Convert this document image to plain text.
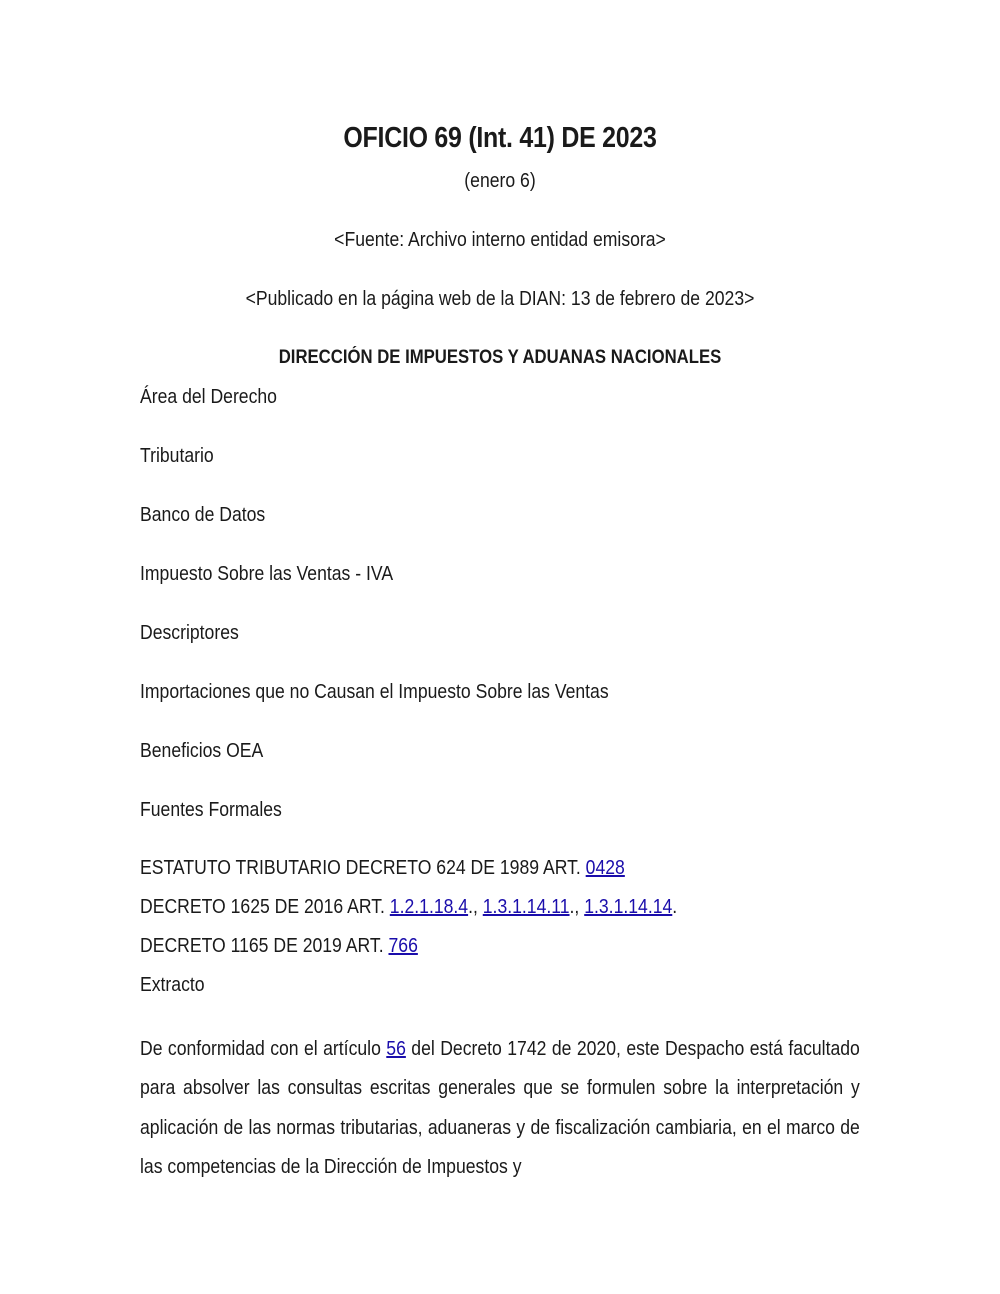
OFICIO 69 (Int. 41) DE 2023
(enero 6)
<Fuente: Archivo interno entidad emisora>
<Publicado en la página web de la DIAN: 13 de febrero de 2023>
DIRECCIÓN DE IMPUESTOS Y ADUANAS NACIONALES
Área del Derecho
Tributario
Banco de Datos
Impuesto Sobre las Ventas - IVA
Descriptores
Importaciones que no Causan el Impuesto Sobre las Ventas
Beneficios OEA
Fuentes Formales
ESTATUTO TRIBUTARIO DECRETO 624 DE 1989 ART. 0428
DECRETO 1625 DE 2016 ART. 1.2.1.18.4., 1.3.1.14.11., 1.3.1.14.14.
DECRETO 1165 DE 2019 ART. 766
Extracto
De conformidad con el artículo 56 del Decreto 1742 de 2020, este Despacho está facultado para absolver las consultas escritas generales que se formulen sobre la interpretación y aplicación de las normas tributarias, aduaneras y de fiscalización cambiaria, en el marco de las competencias de la Dirección de Impuestos y
